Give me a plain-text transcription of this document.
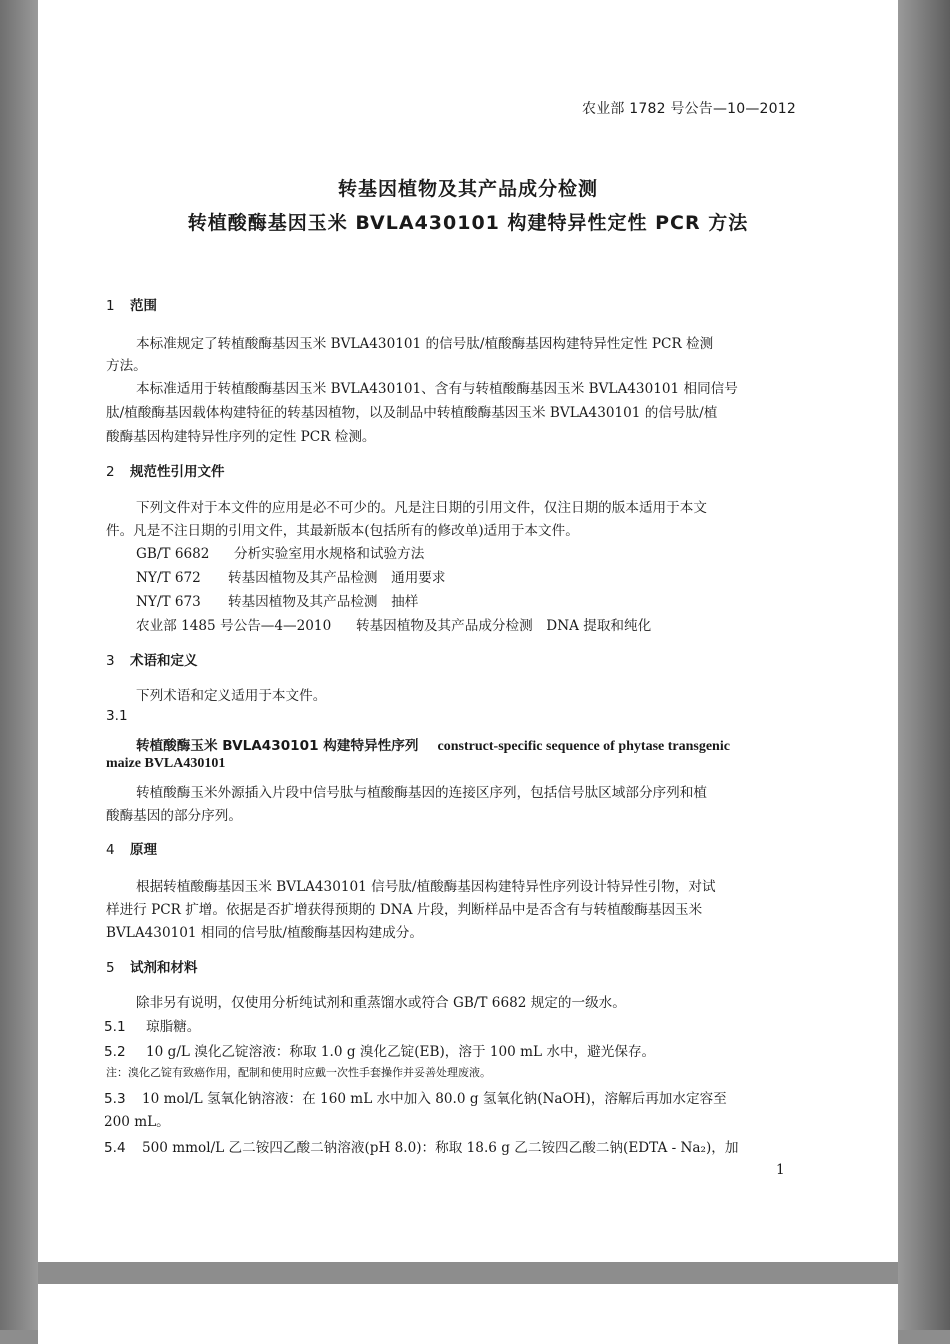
农业部 1782 号公告—10—2012
转基因植物及其产品成分检测
转植酸酶基因玉米 BVLA430101 构建特异性定性 PCR 方法
1 范围
本标准规定了转植酸酶基因玉米 BVLA430101 的信号肽/植酸酶基因构建特异性定性 PCR 检测
方法。
本标准适用于转植酸酶基因玉米 BVLA430101、含有与转植酸酶基因玉米 BVLA430101 相同信号
肽/植酸酶基因载体构建特征的转基因植物，以及制品中转植酸酶基因玉米 BVLA430101 的信号肽/植
酸酶基因构建特异性序列的定性 PCR 检测。
2 规范性引用文件
下列文件对于本文件的应用是必不可少的。凡是注日期的引用文件，仅注日期的版本适用于本文
件。凡是不注日期的引用文件，其最新版本(包括所有的修改单)适用于本文件。
GB/T 6682 分析实验室用水规格和试验方法
NY/T 672 转基因植物及其产品检测　通用要求
NY/T 673 转基因植物及其产品检测　抽样
农业部 1485 号公告—4—2010 转基因植物及其产品成分检测　DNA 提取和纯化
3 术语和定义
下列术语和定义适用于本文件。
3.1
转植酸酶玉米 BVLA430101 构建特异性序列 construct-specific sequence of phytase transgenic
maize BVLA430101
转植酸酶玉米外源插入片段中信号肽与植酸酶基因的连接区序列，包括信号肽区域部分序列和植
酸酶基因的部分序列。
4 原理
根据转植酸酶基因玉米 BVLA430101 信号肽/植酸酶基因构建特异性序列设计特异性引物，对试
样进行 PCR 扩增。依据是否扩增获得预期的 DNA 片段，判断样品中是否含有与转植酸酶基因玉米
BVLA430101 相同的信号肽/植酸酶基因构建成分。
5 试剂和材料
除非另有说明，仅使用分析纯试剂和重蒸馏水或符合 GB/T 6682 规定的一级水。
5.1 琼脂糖。
5.2 10 g/L 溴化乙锭溶液：称取 1.0 g 溴化乙锭(EB)，溶于 100 mL 水中，避光保存。
注：溴化乙锭有致癌作用，配制和使用时应戴一次性手套操作并妥善处理废液。
5.3 10 mol/L 氢氧化钠溶液：在 160 mL 水中加入 80.0 g 氢氧化钠(NaOH)，溶解后再加水定容至
200 mL。
5.4 500 mmol/L 乙二铵四乙酸二钠溶液(pH 8.0)：称取 18.6 g 乙二铵四乙酸二钠(EDTA - Na₂)，加
1
